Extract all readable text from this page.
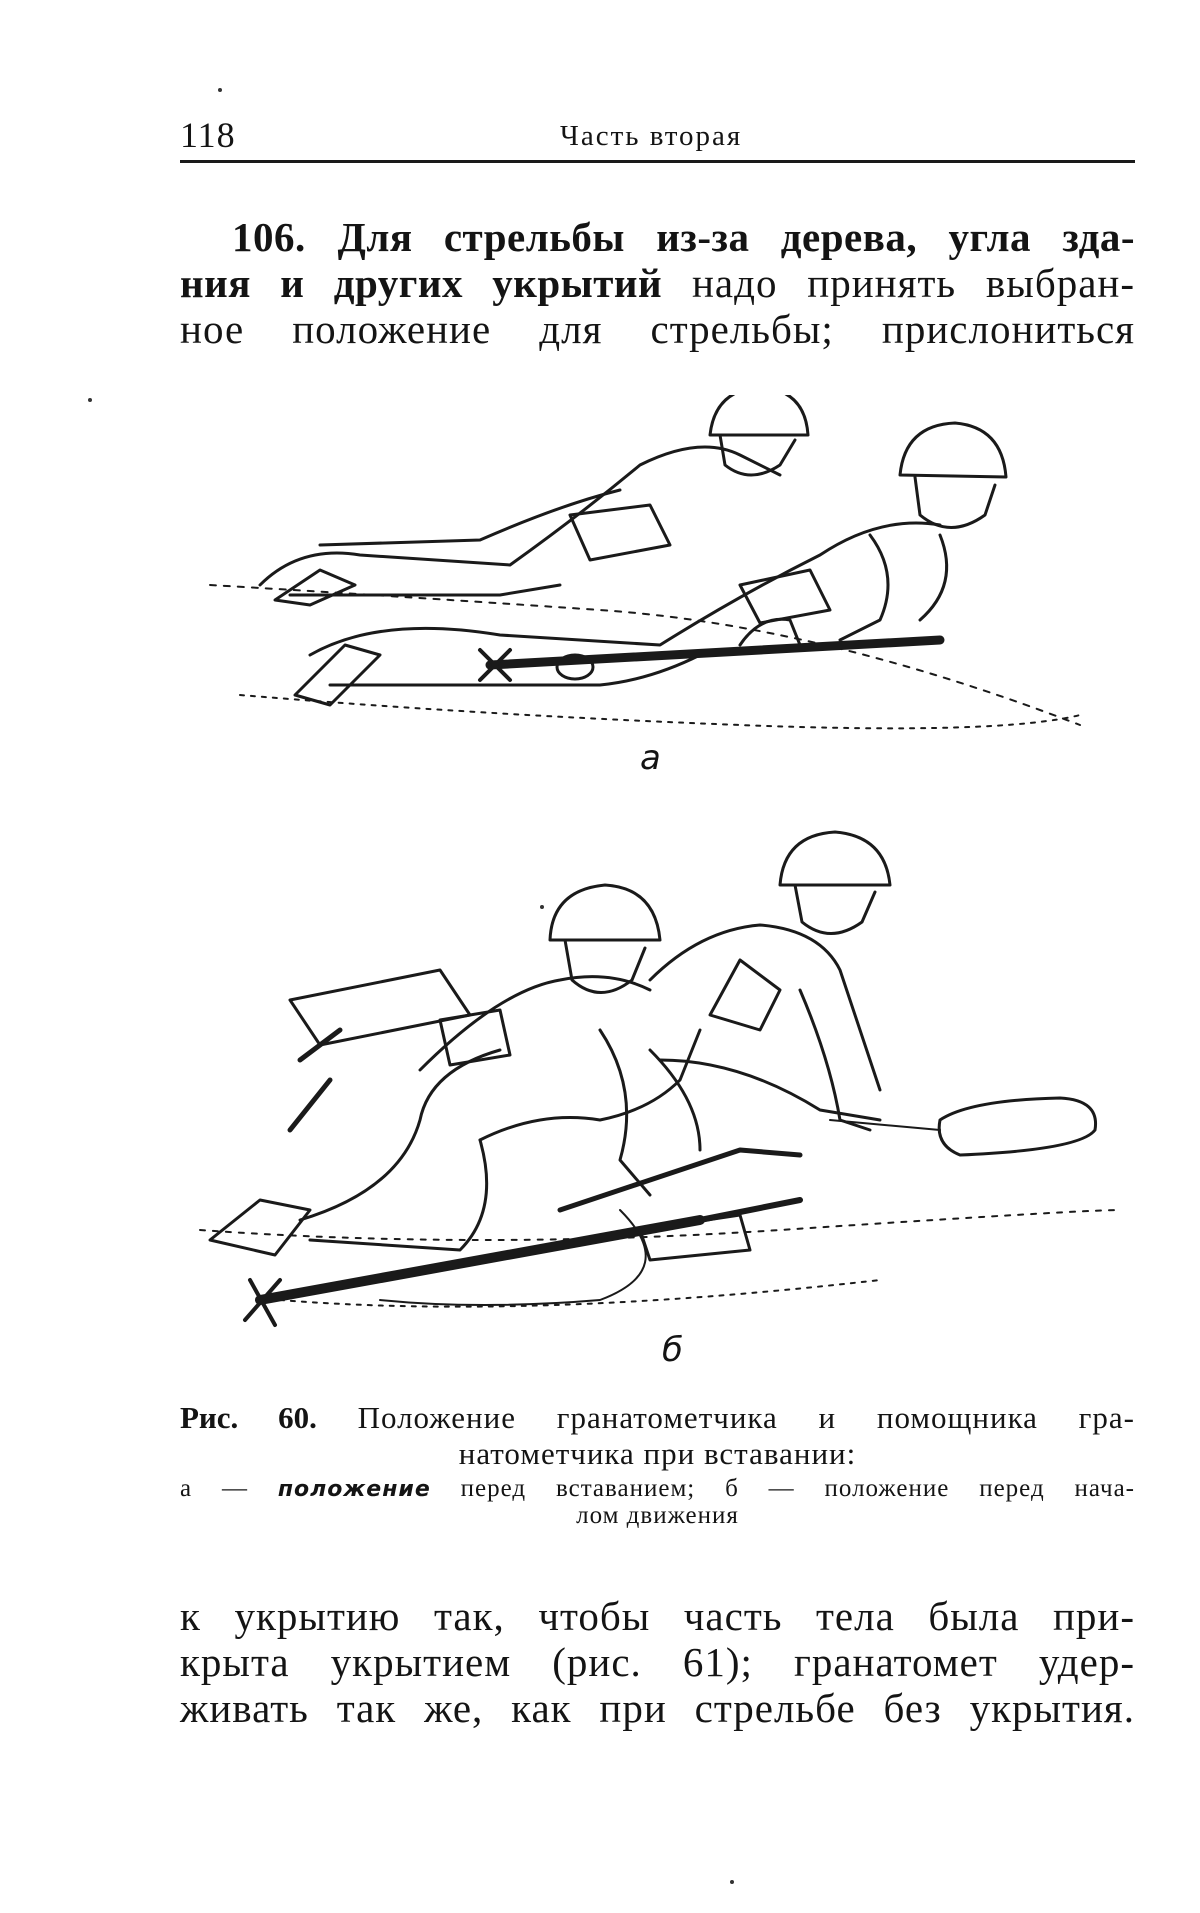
118	Часть вторая
106. Для стрельбы из-за дерева, угла зда-
ния и других укрытий надо принять выбран-
ное положение для стрельбы; прислониться
а
б
Рис. 60. Положение гранатометчика и помощника гра-
натометчика при вставании:
а — положение перед вставанием; б — положение перед нача-
лом движения
к укрытию так, чтобы часть тела была при-
крыта укрытием (рис. 61); гранатомет удер-
живать так же, как при стрельбе без укрытия.
